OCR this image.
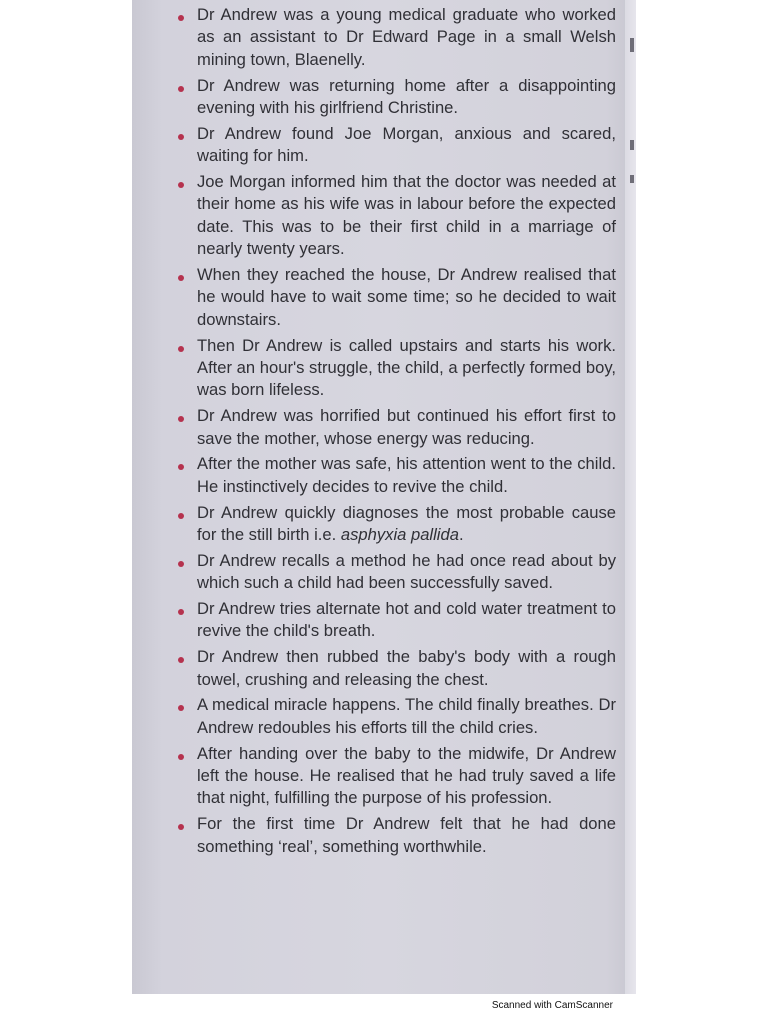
Dr Andrew was a young medical graduate who worked as an assistant to Dr Edward Page in a small Welsh mining town, Blaenelly.
Dr Andrew was returning home after a disappointing evening with his girlfriend Christine.
Dr Andrew found Joe Morgan, anxious and scared, waiting for him.
Joe Morgan informed him that the doctor was needed at their home as his wife was in labour before the expected date. This was to be their first child in a marriage of nearly twenty years.
When they reached the house, Dr Andrew realised that he would have to wait some time; so he decided to wait downstairs.
Then Dr Andrew is called upstairs and starts his work. After an hour's struggle, the child, a perfectly formed boy, was born lifeless.
Dr Andrew was horrified but continued his effort first to save the mother, whose energy was reducing.
After the mother was safe, his attention went to the child. He instinctively decides to revive the child.
Dr Andrew quickly diagnoses the most probable cause for the still birth i.e. asphyxia pallida.
Dr Andrew recalls a method he had once read about by which such a child had been successfully saved.
Dr Andrew tries alternate hot and cold water treatment to revive the child's breath.
Dr Andrew then rubbed the baby's body with a rough towel, crushing and releasing the chest.
A medical miracle happens. The child finally breathes. Dr Andrew redoubles his efforts till the child cries.
After handing over the baby to the midwife, Dr Andrew left the house. He realised that he had truly saved a life that night, fulfilling the purpose of his profession.
For the first time Dr Andrew felt that he had done something ‘real’, something worthwhile.
Scanned with CamScanner
